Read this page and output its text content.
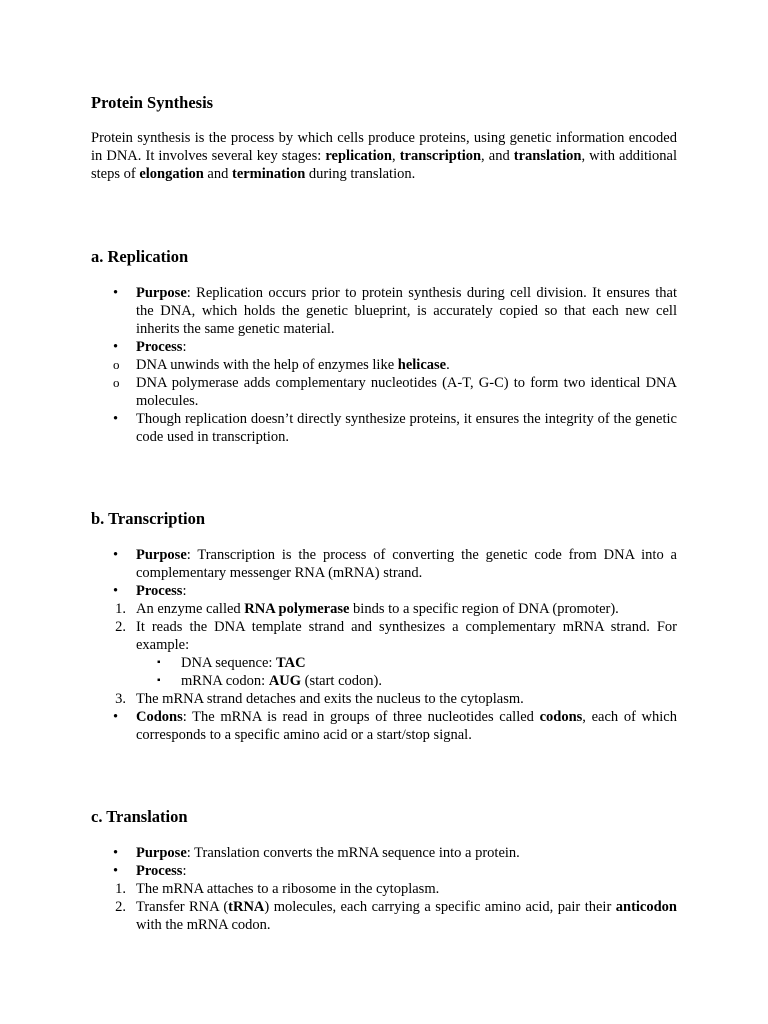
Protein Synthesis

Protein synthesis is the process by which cells produce proteins, using genetic information encoded in DNA. It involves several key stages: replication, transcription, and translation, with additional steps of elongation and termination during translation.

a. Replication
• Purpose: Replication occurs prior to protein synthesis during cell division. It ensures that the DNA, which holds the genetic blueprint, is accurately copied so that each new cell inherits the same genetic material.
• Process:
o DNA unwinds with the help of enzymes like helicase.
o DNA polymerase adds complementary nucleotides (A-T, G-C) to form two identical DNA molecules.
• Though replication doesn’t directly synthesize proteins, it ensures the integrity of the genetic code used in transcription.
b. Transcription
• Purpose: Transcription is the process of converting the genetic code from DNA into a complementary messenger RNA (mRNA) strand.
• Process:
1. An enzyme called RNA polymerase binds to a specific region of DNA (promoter).
2. It reads the DNA template strand and synthesizes a complementary mRNA strand. For example:
▪ DNA sequence: TAC
▪ mRNA codon: AUG (start codon).
3. The mRNA strand detaches and exits the nucleus to the cytoplasm.
• Codons: The mRNA is read in groups of three nucleotides called codons, each of which corresponds to a specific amino acid or a start/stop signal.
c. Translation
• Purpose: Translation converts the mRNA sequence into a protein.
• Process:
1. The mRNA attaches to a ribosome in the cytoplasm.
2. Transfer RNA (tRNA) molecules, each carrying a specific amino acid, pair their anticodon with the mRNA codon.
